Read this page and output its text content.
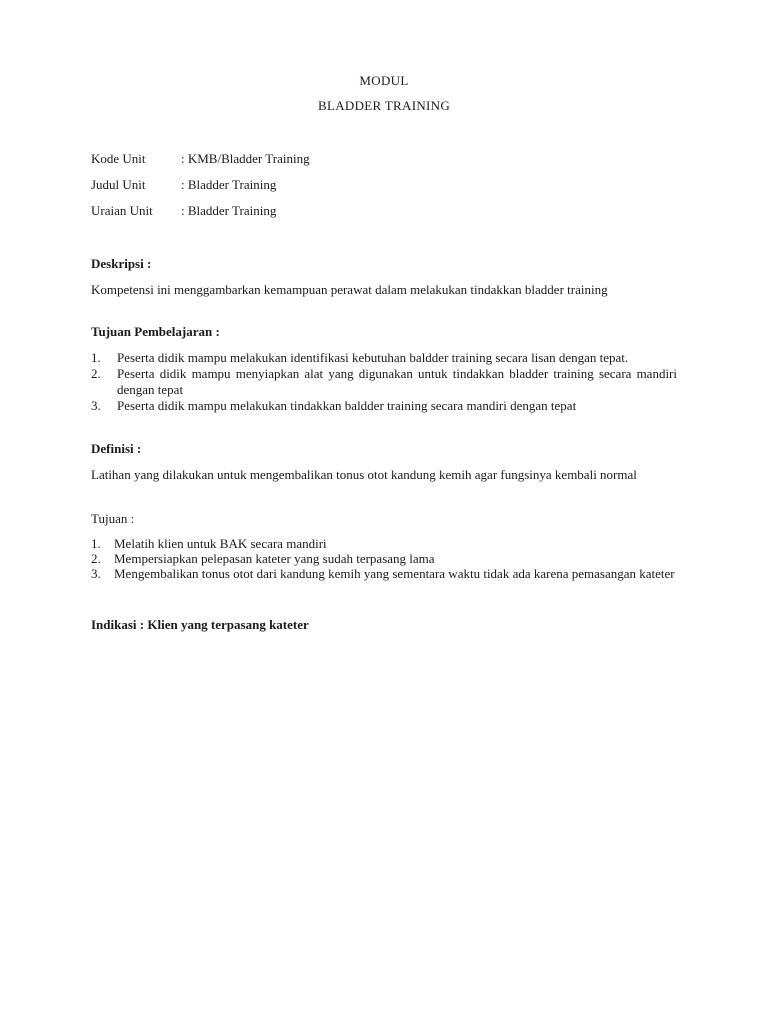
MODUL
BLADDER TRAINING
Kode Unit	: KMB/Bladder Training
Judul Unit	: Bladder Training
Uraian Unit : Bladder Training
Deskripsi :
Kompetensi ini menggambarkan kemampuan perawat dalam melakukan tindakkan bladder training
Tujuan Pembelajaran :
1. Peserta didik mampu melakukan identifikasi kebutuhan baldder training secara lisan dengan tepat.
2. Peserta didik mampu menyiapkan alat yang digunakan untuk tindakkan bladder training secara mandiri dengan tepat
3. Peserta didik mampu melakukan tindakkan baldder training secara mandiri dengan tepat
Definisi :
Latihan yang dilakukan untuk mengembalikan tonus otot kandung kemih agar fungsinya kembali normal
Tujuan :
1. Melatih klien untuk BAK secara mandiri
2. Mempersiapkan pelepasan kateter yang sudah terpasang lama
3. Mengembalikan tonus otot dari kandung kemih yang sementara waktu tidak ada karena pemasangan kateter
Indikasi : Klien yang terpasang kateter
